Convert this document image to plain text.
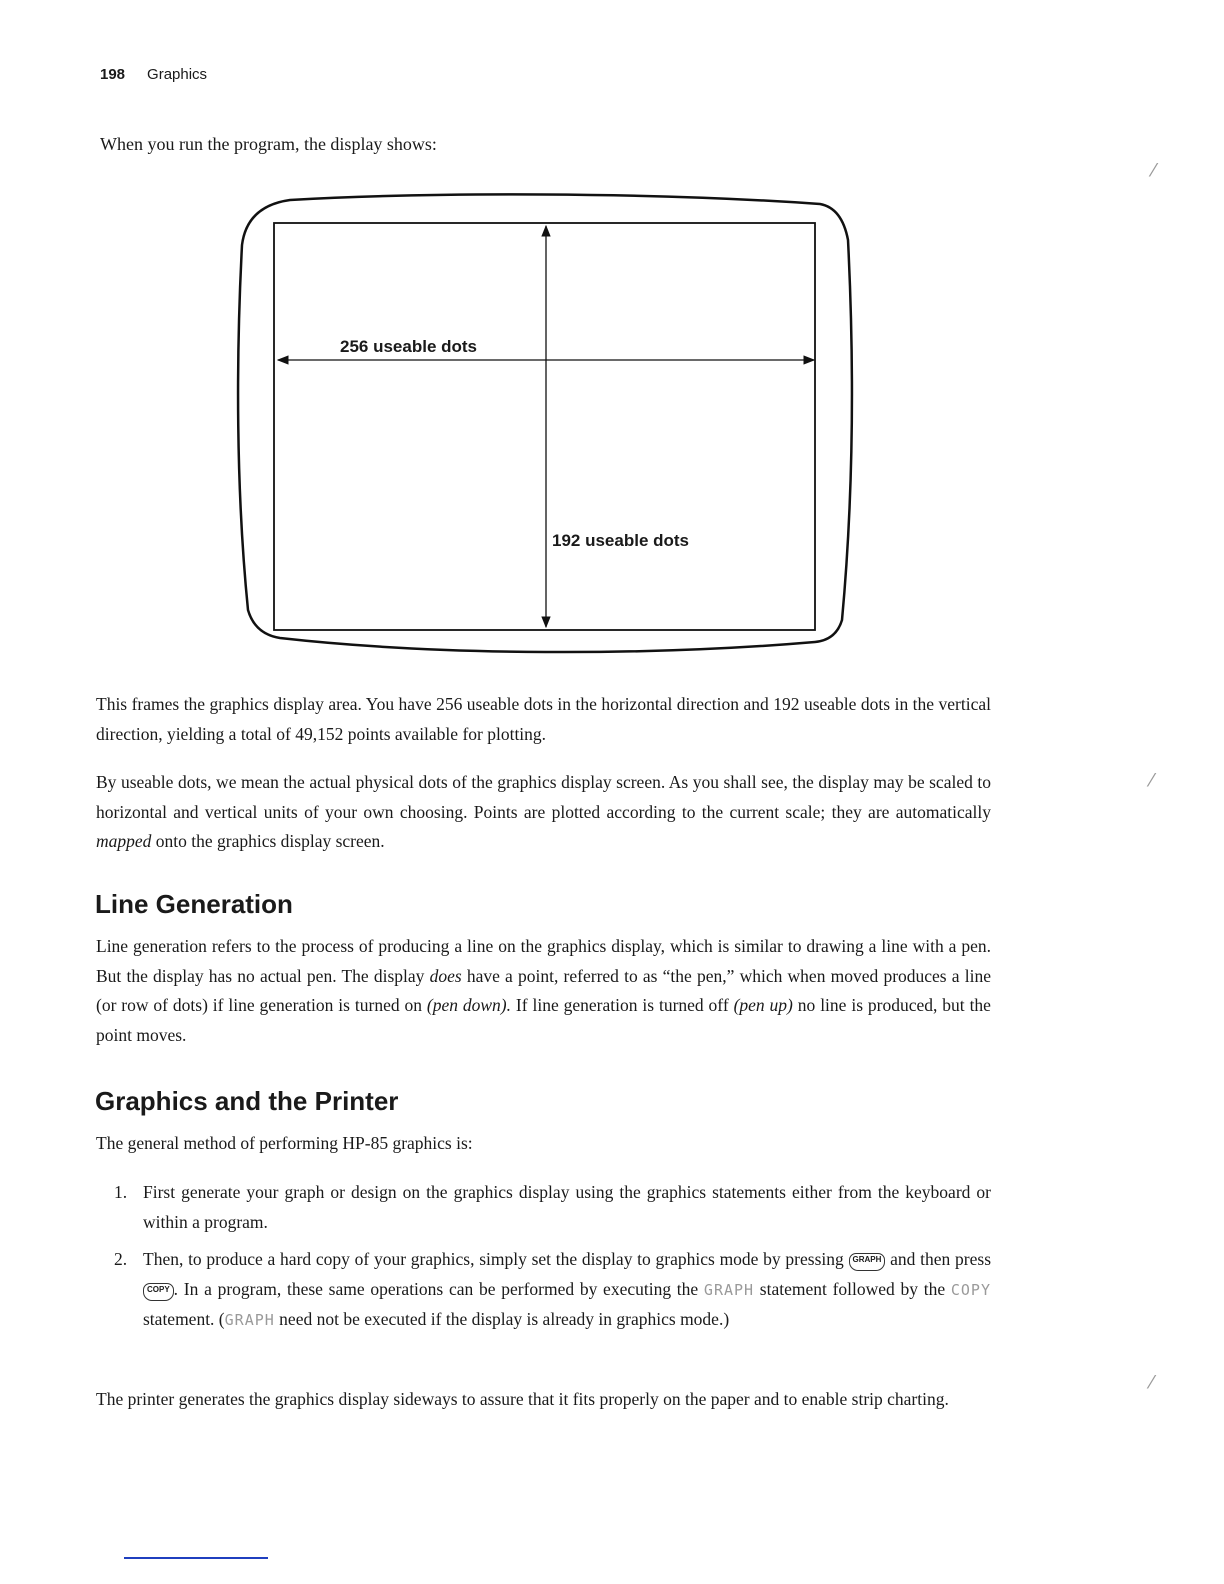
198 Graphics
When you run the program, the display shows:
256 useable dots
192 useable dots

This frames the graphics display area. You have 256 useable dots in the horizontal direction and 192 useable dots in the vertical direction, yielding a total of 49,152 points available for plotting.

By useable dots, we mean the actual physical dots of the graphics display screen. As you shall see, the display may be scaled to horizontal and vertical units of your own choosing. Points are plotted according to the current scale; they are automatically mapped onto the graphics display screen.

Line Generation

Line generation refers to the process of producing a line on the graphics display, which is similar to drawing a line with a pen. But the display has no actual pen. The display does have a point, referred to as “the pen,” which when moved produces a line (or row of dots) if line generation is turned on (pen down). If line generation is turned off (pen up) no line is produced, but the point moves.

Graphics and the Printer

The general method of performing HP-85 graphics is:

1. First generate your graph or design on the graphics display using the graphics statements either from the keyboard or within a program.
2. Then, to produce a hard copy of your graphics, simply set the display to graphics mode by pressing GRAPH and then press COPY . In a program, these same operations can be performed by executing the GRAPH statement followed by the COPY statement. (GRAPH need not be executed if the display is already in graphics mode.)

The printer generates the graphics display sideways to assure that it fits properly on the paper and to enable strip charting.

⁄
⁄
⁄
